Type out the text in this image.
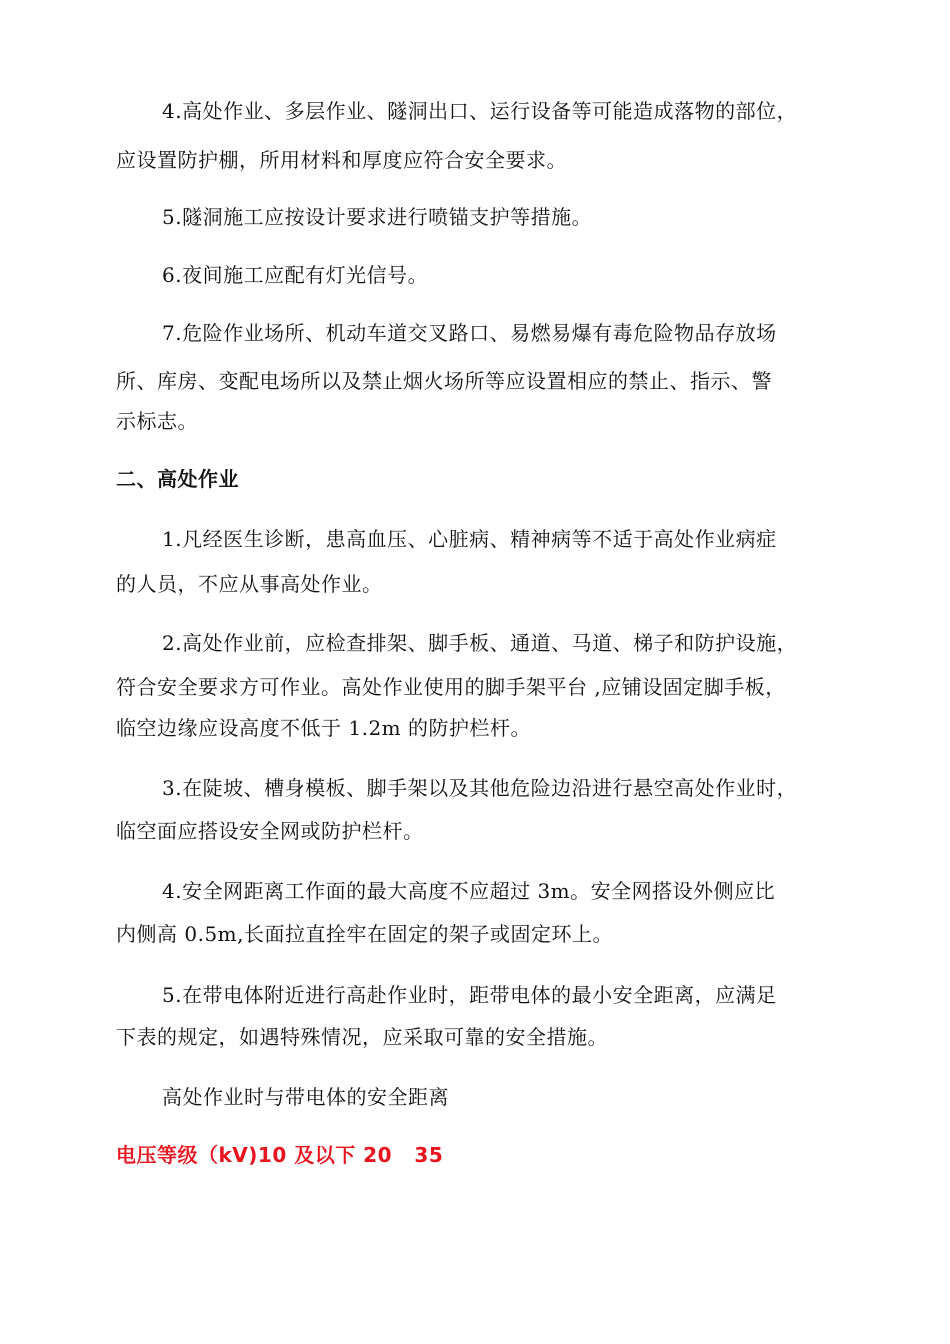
4.高处作业、多层作业、隧洞出口、运行设备等可能造成落物的部位，
应设置防护棚，所用材料和厚度应符合安全要求。
5.隧洞施工应按设计要求进行喷锚支护等措施。
6.夜间施工应配有灯光信号。
7.危险作业场所、机动车道交叉路口、易燃易爆有毒危险物品存放场
所、库房、变配电场所以及禁止烟火场所等应设置相应的禁止、指示、警
示标志。
二、高处作业
1.凡经医生诊断，患高血压、心脏病、精神病等不适于高处作业病症
的人员，不应从事高处作业。
2.高处作业前，应检查排架、脚手板、通道、马道、梯子和防护设施，
符合安全要求方可作业。高处作业使用的脚手架平台 ,应铺设固定脚手板，
临空边缘应设高度不低于 1.2m 的防护栏杆。
3.在陡坡、槽身模板、脚手架以及其他危险边沿进行悬空高处作业时，
临空面应搭设安全网或防护栏杆。
4.安全网距离工作面的最大高度不应超过 3m。安全网搭设外侧应比
内侧高 0.5m,长面拉直拴牢在固定的架子或固定环上。
5.在带电体附近进行高赴作业时，距带电体的最小安全距离，应满足
下表的规定，如遇特殊情况，应采取可靠的安全措施。
高处作业时与带电体的安全距离
电压等级（kV)10 及以下 20   35
